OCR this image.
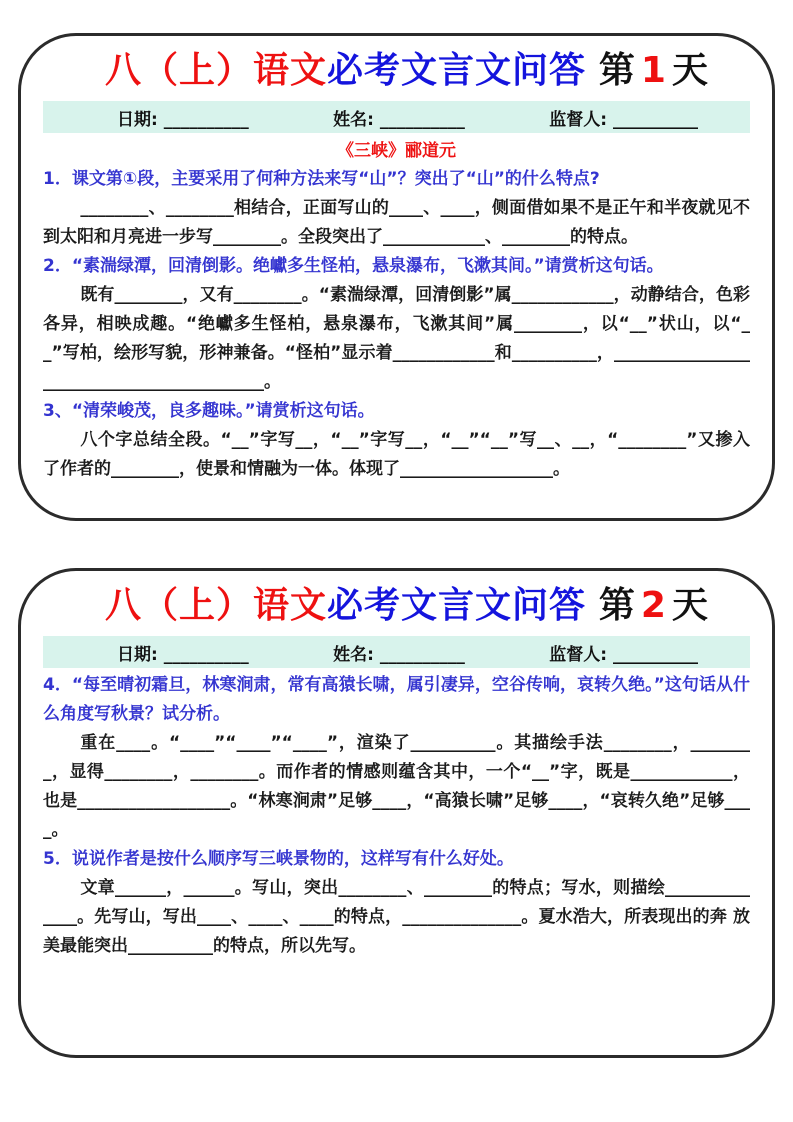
八（上）语文必考文言文问答 第 1 天
日期: __________	姓名: __________	监督人: __________
《三峡》郦道元

1．课文第①段，主要采用了何种方法来写“山”？突出了“山”的什么特点?

________、________相结合，正面写山的____、____，侧面借如果不是正午和半夜就见不到太阳和月亮进一步写________。全段突出了____________、________的特点。

2．“素湍绿潭，回清倒影。绝巘多生怪柏，悬泉瀑布，飞漱其间。”请赏析这句话。

既有________，又有________。“素湍绿潭，回清倒影”属____________，动静结合，色彩各异，相映成趣。“绝巘多生怪柏，悬泉瀑布，飞漱其间”属________，以“__”状山，以“__”写柏，绘形写貌，形神兼备。“怪柏”显示着____________和__________，__________________________________________。

3、“清荣峻茂，良多趣味。”请赏析这句话。

八个字总结全段。“__”字写__，“__”字写__，“__”“__”写__、__，“________”又掺入了作者的________，使景和情融为一体。体现了__________________。

八（上）语文必考文言文问答 第 2 天
日期: __________	姓名: __________	监督人: __________

4．“每至晴初霜旦，林寒涧肃，常有高猿长啸，属引凄异，空谷传响，哀转久绝。”这句话从什么角度写秋景？试分析。

重在____。“____”“____”“____”，渲染了__________。其描绘手法________，________，显得________，________。而作者的情感则蕴含其中，一个“__”字，既是____________，也是__________________。“林寒涧肃”足够____，“高猿长啸”足够____，“哀转久绝”足够____。

5．说说作者是按什么顺序写三峡景物的，这样写有什么好处。

文章______，______。写山，突出________、________的特点；写水，则描绘______________。先写山，写出____、____、____的特点，______________。夏水浩大，所表现出的奔 放美最能突出__________的特点，所以先写。
